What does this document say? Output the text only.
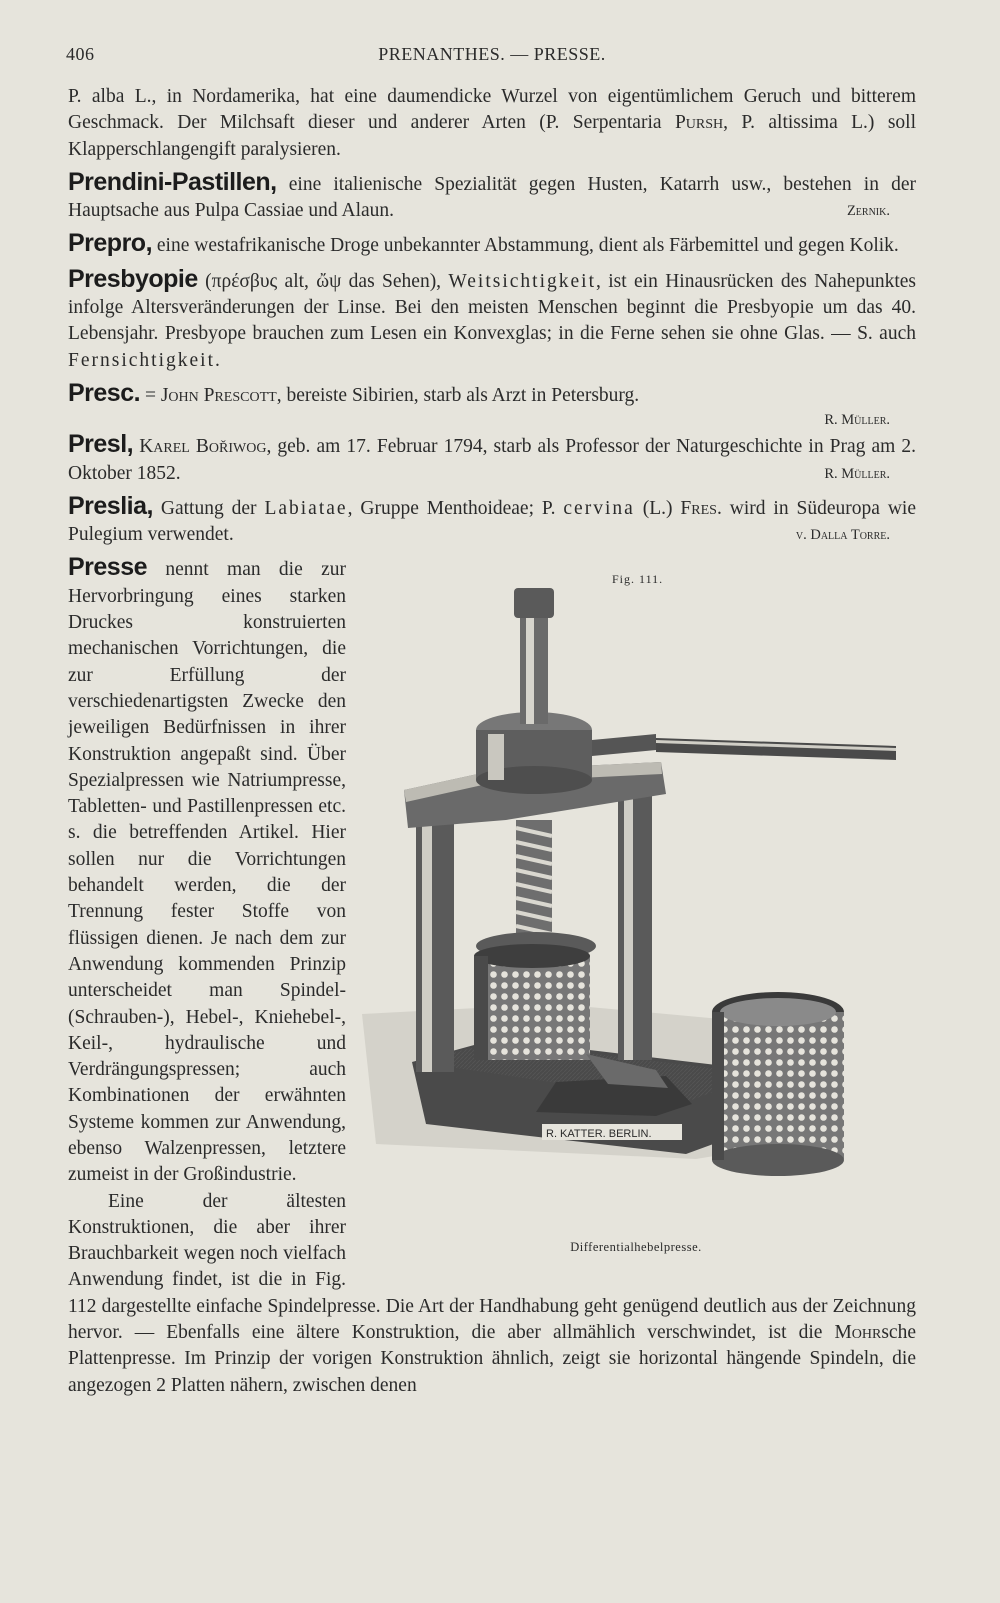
406	PRENANTHES. — PRESSE.

P. alba L., in Nordamerika, hat eine daumendicke Wurzel von eigentümlichem Geruch und bitterem Geschmack. Der Milchsaft dieser und anderer Arten (P. Serpentaria Pursh, P. altissima L.) soll Klapperschlangengift paralysieren.

Prendini-Pastillen, eine italienische Spezialität gegen Husten, Katarrh usw., bestehen in der Hauptsache aus Pulpa Cassiae und Alaun.	Zernik.

Prepro, eine westafrikanische Droge unbekannter Abstammung, dient als Färbemittel und gegen Kolik.

Presbyopie (πρέσβυς alt, ὤψ das Sehen), Weitsichtigkeit, ist ein Hinausrücken des Nahepunktes infolge Altersveränderungen der Linse. Bei den meisten Menschen beginnt die Presbyopie um das 40. Lebensjahr. Presbyope brauchen zum Lesen ein Konvexglas; in die Ferne sehen sie ohne Glas. — S. auch Fernsichtigkeit.

Presc. = John Prescott, bereiste Sibirien, starb als Arzt in Petersburg.

R. Müller.

Presl, Karel Bořiwog, geb. am 17. Februar 1794, starb als Professor der Naturgeschichte in Prag am 2. Oktober 1852.	R. Müller.

Preslia, Gattung der Labiatae, Gruppe Menthoideae; P. cervina (L.) Fres. wird in Südeuropa wie Pulegium verwendet.	v. Dalla Torre.

Fig. 111.
R. KATTER. BERLIN.
Differentialhebelpresse.
Presse nennt man die zur Hervorbringung eines starken Druckes konstruierten mechanischen Vorrichtungen, die zur Erfüllung der verschiedenartigsten Zwecke den jeweiligen Bedürfnissen in ihrer Konstruktion angepaßt sind. Über Spezialpressen wie Natriumpresse, Tabletten- und Pastillenpressen etc. s. die betreffenden Artikel. Hier sollen nur die Vorrichtungen behandelt werden, die der Trennung fester Stoffe von flüssigen dienen. Je nach dem zur Anwendung kommenden Prinzip unterscheidet man Spindel- (Schrauben-), Hebel-, Kniehebel-, Keil-, hydraulische und Verdrängungspressen; auch Kombinationen der erwähnten Systeme kommen zur Anwendung, ebenso Walzenpressen, letztere zumeist in der Großindustrie.

Eine der ältesten Konstruktionen, die aber ihrer Brauchbarkeit wegen noch vielfach Anwendung findet, ist die in Fig. 112 dargestellte einfache Spindelpresse. Die Art der Handhabung geht genügend deutlich aus der Zeichnung hervor. — Ebenfalls eine ältere Konstruktion, die aber allmählich verschwindet, ist die Mohrsche Plattenpresse. Im Prinzip der vorigen Konstruktion ähnlich, zeigt sie horizontal hängende Spindeln, die angezogen 2 Platten nähern, zwischen denen
